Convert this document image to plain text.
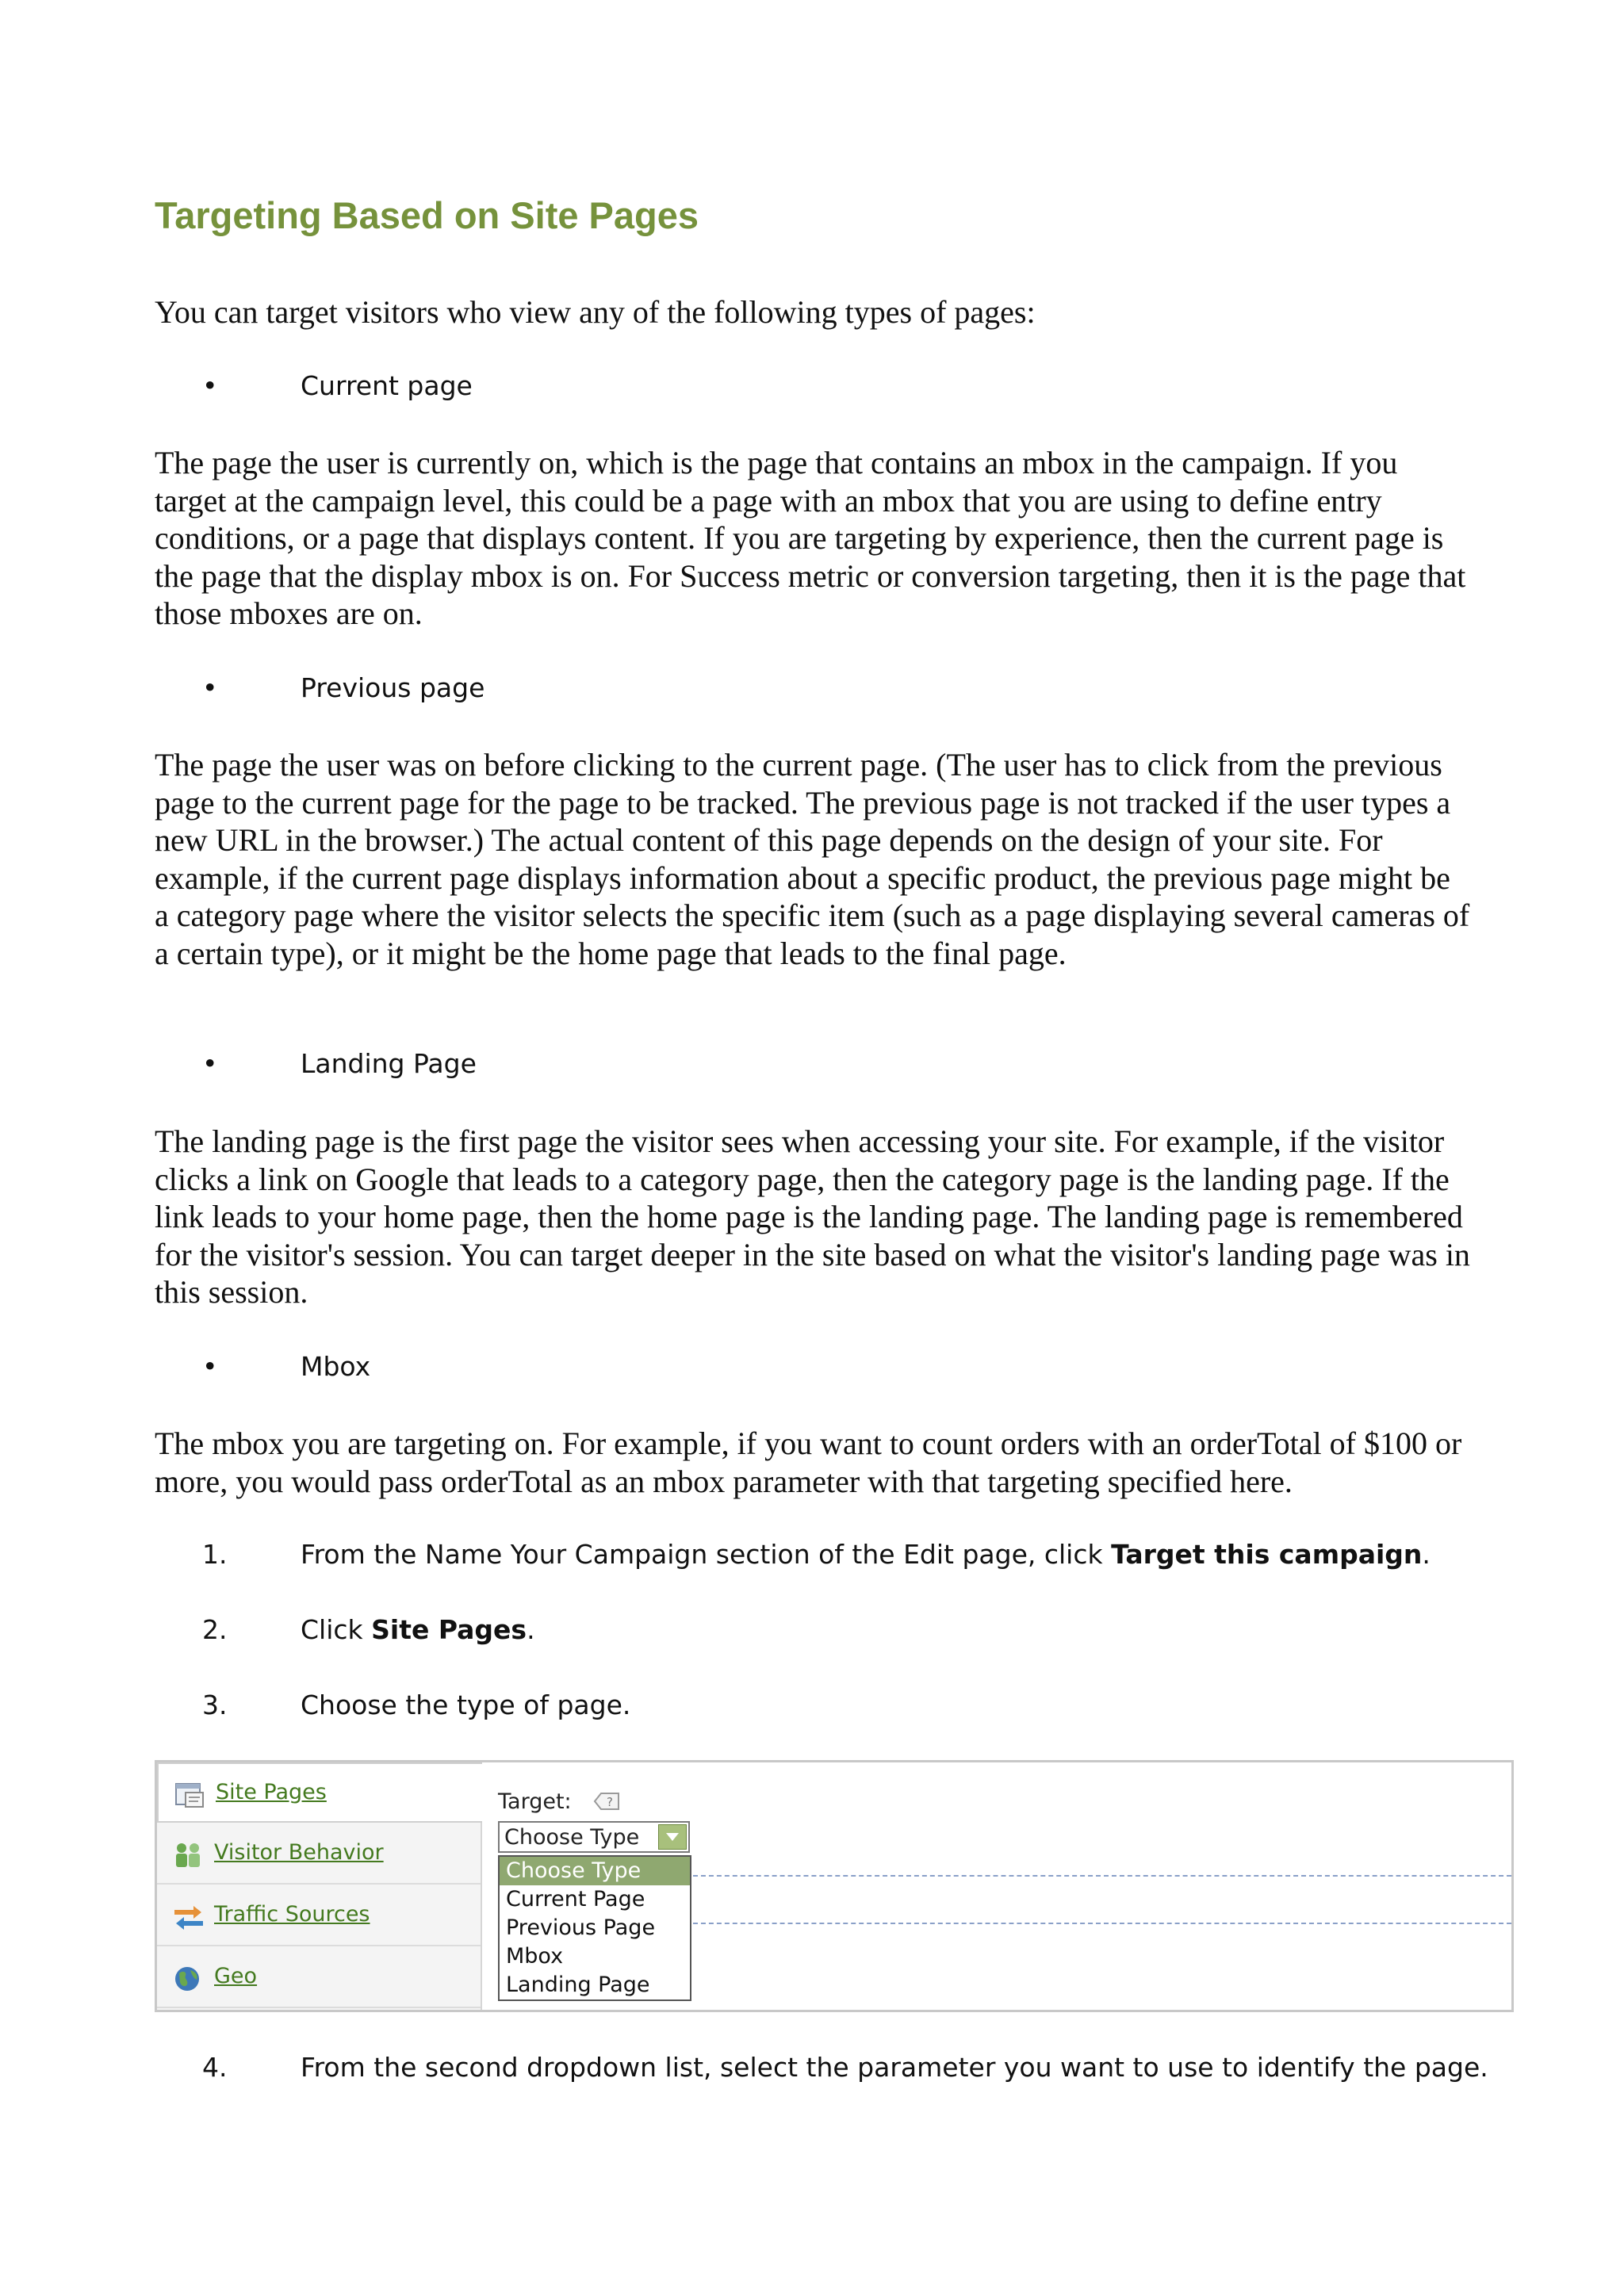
Targeting Based on Site Pages

You can target visitors who view any of the following types of pages:

•	Current page

The page the user is currently on, which is the page that contains an mbox in the campaign. If you target at the campaign level, this could be a page with an mbox that you are using to define entry conditions, or a page that displays content. If you are targeting by experience, then the current page is the page that the display mbox is on. For Success metric or conversion targeting, then it is the page that those mboxes are on.

•	Previous page

The page the user was on before clicking to the current page. (The user has to click from the previous page to the current page for the page to be tracked. The previous page is not tracked if the user types a new URL in the browser.) The actual content of this page depends on the design of your site. For example, if the current page displays information about a specific product, the previous page might be a category page where the visitor selects the specific item (such as a page displaying several cameras of a certain type), or it might be the home page that leads to the final page.

•	Landing Page

The landing page is the first page the visitor sees when accessing your site. For example, if the visitor clicks a link on Google that leads to a category page, then the category page is the landing page. If the link leads to your home page, then the home page is the landing page. The landing page is remembered for the visitor's session. You can target deeper in the site based on what the visitor's landing page was in this session.

•	Mbox

The mbox you are targeting on. For example, if you want to count orders with an orderTotal of $100 or more, you would pass orderTotal as an mbox parameter with that targeting specified here.

1.	From the Name Your Campaign section of the Edit page, click Target this campaign.
2.	Click Site Pages.
3.	Choose the type of page.
4.	From the second dropdown list, select the parameter you want to use to identify the page.
Site Pages
Visitor Behavior
Traffic Sources
Geo
Target:	?
Choose Type
Choose Type
Current Page
Previous Page
Mbox
Landing Page
